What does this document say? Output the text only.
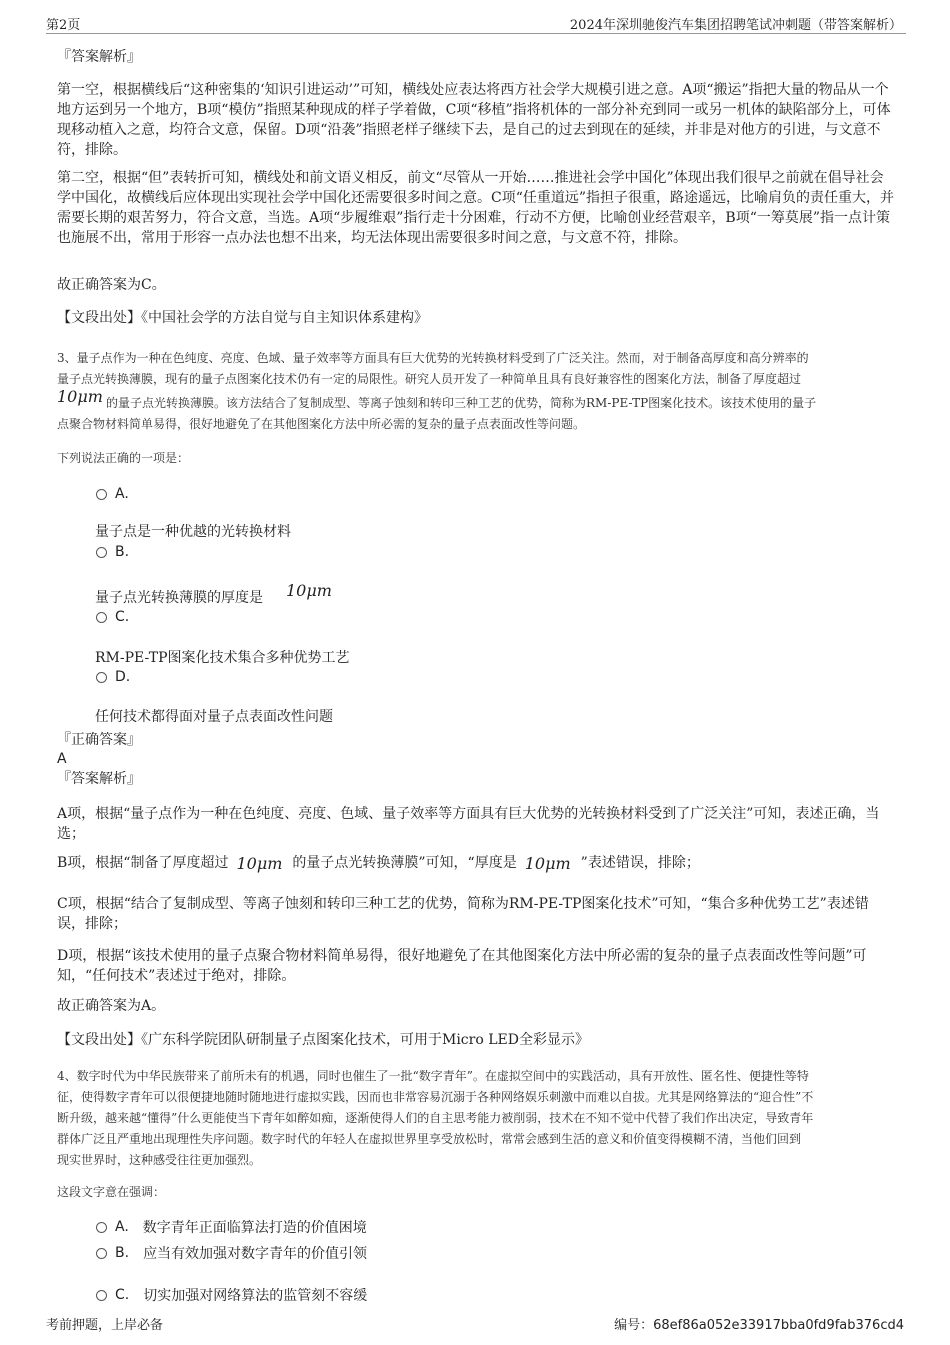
第2页	2024年深圳驰俊汽车集团招聘笔试冲刺题（带答案解析）

『答案解析』

第一空，根据横线后“这种密集的‘知识引进运动’”可知，横线处应表达将西方社会学大规模引进之意。A项“搬运”指把大量的物品从一个地方运到另一个地方，B项“模仿”指照某种现成的样子学着做，C项“移植”指将机体的一部分补充到同一或另一机体的缺陷部分上，可体现移动植入之意，均符合文意，保留。D项“沿袭”指照老样子继续下去，是自己的过去到现在的延续，并非是对他方的引进，与文意不符，排除。

第二空，根据“但”表转折可知，横线处和前文语义相反，前文“尽管从一开始……推进社会学中国化”体现出我们很早之前就在倡导社会学中国化，故横线后应体现出实现社会学中国化还需要很多时间之意。C项“任重道远”指担子很重，路途遥远，比喻肩负的责任重大，并需要长期的艰苦努力，符合文意，当选。A项“步履维艰”指行走十分困难，行动不方便，比喻创业经营艰辛，B项“一筹莫展”指一点计策也施展不出，常用于形容一点办法也想不出来，均无法体现出需要很多时间之意，与文意不符，排除。

故正确答案为C。

【文段出处】《中国社会学的方法自觉与自主知识体系建构》

3、量子点作为一种在色纯度、亮度、色域、量子效率等方面具有巨大优势的光转换材料受到了广泛关注。然而，对于制备高厚度和高分辨率的

量子点光转换薄膜，现有的量子点图案化技术仍有一定的局限性。研究人员开发了一种简单且具有良好兼容性的图案化方法，制备了厚度超过

10μm 的量子点光转换薄膜。该方法结合了复制成型、等离子蚀刻和转印三种工艺的优势，简称为RM-PE-TP图案化技术。该技术使用的量子

点聚合物材料简单易得，很好地避免了在其他图案化方法中所必需的复杂的量子点表面改性等问题。

下列说法正确的一项是：

A.
量子点是一种优越的光转换材料
B.
量子点光转换薄膜的厚度是 10μm
C.
RM-PE-TP图案化技术集合多种优势工艺
D.
任何技术都得面对量子点表面改性问题

『正确答案』

A

『答案解析』

A项，根据“量子点作为一种在色纯度、亮度、色域、量子效率等方面具有巨大优势的光转换材料受到了广泛关注”可知，表述正确，当选；

B项，根据“制备了厚度超过 10μm 的量子点光转换薄膜”可知，“厚度是 10μm ”表述错误，排除；

C项，根据“结合了复制成型、等离子蚀刻和转印三种工艺的优势，简称为RM-PE-TP图案化技术”可知，“集合多种优势工艺”表述错误，排除；

D项，根据“该技术使用的量子点聚合物材料简单易得，很好地避免了在其他图案化方法中所必需的复杂的量子点表面改性等问题”可知，“任何技术”表述过于绝对，排除。

故正确答案为A。

【文段出处】《广东科学院团队研制量子点图案化技术，可用于Micro LED全彩显示》

4、数字时代为中华民族带来了前所未有的机遇，同时也催生了一批“数字青年”。在虚拟空间中的实践活动，具有开放性、匿名性、便捷性等特

征，使得数字青年可以很便捷地随时随地进行虚拟实践，因而也非常容易沉溺于各种网络娱乐刺激中而难以自拔。尤其是网络算法的“迎合性”不

断升级，越来越“懂得”什么更能使当下青年如醉如痴，逐渐使得人们的自主思考能力被削弱，技术在不知不觉中代替了我们作出决定，导致青年

群体广泛且严重地出现理性失序问题。数字时代的年轻人在虚拟世界里享受放松时，常常会感到生活的意义和价值变得模糊不清，当他们回到

现实世界时，这种感受往往更加强烈。

这段文字意在强调：

A. 数字青年正面临算法打造的价值困境
B. 应当有效加强对数字青年的价值引领
C. 切实加强对网络算法的监管刻不容缓
考前押题，上岸必备	编号：68ef86a052e33917bba0fd9fab376cd4
